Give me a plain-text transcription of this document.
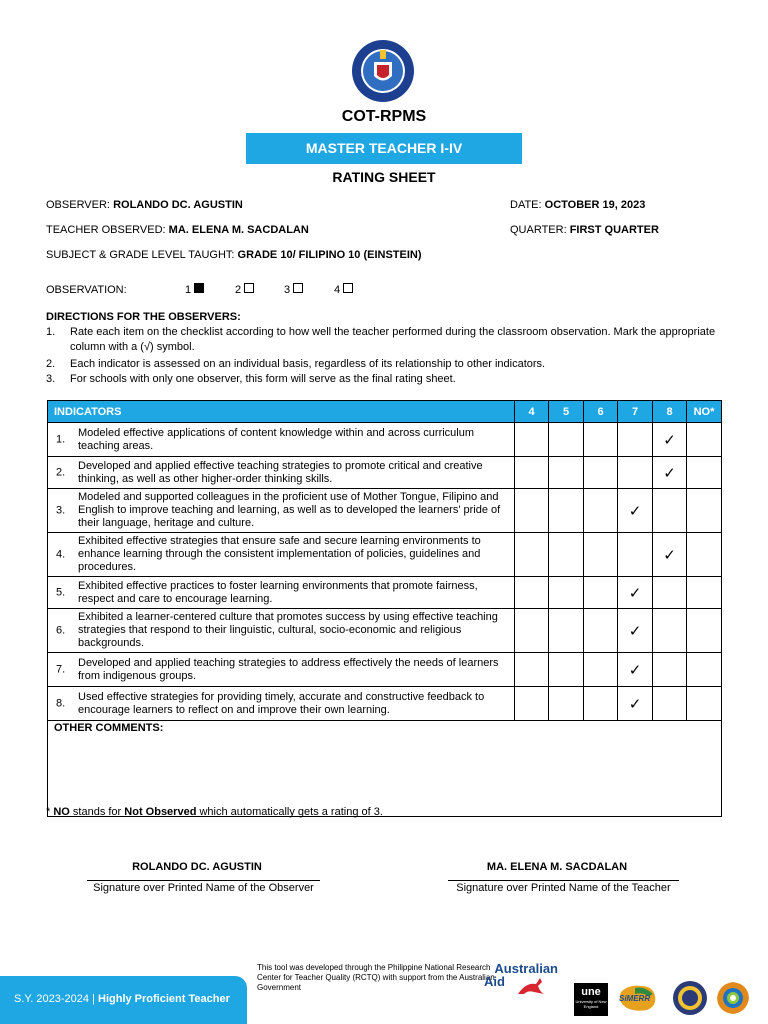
COT-RPMS
MASTER TEACHER I-IV
RATING SHEET
OBSERVER: ROLANDO DC. AGUSTIN	DATE: OCTOBER 19, 2023
TEACHER OBSERVED: MA. ELENA M. SACDALAN	QUARTER: FIRST QUARTER
SUBJECT & GRADE LEVEL TAUGHT: GRADE 10/ FILIPINO 10 (EINSTEIN)
OBSERVATION:	1	2	3	4
DIRECTIONS FOR THE OBSERVERS:
1.	Rate each item on the checklist according to how well the teacher performed during the classroom observation. Mark the appropriate column with a (√) symbol.
2.	Each indicator is assessed on an individual basis, regardless of its relationship to other indicators.
3.	For schools with only one observer, this form will serve as the final rating sheet.
INDICATORS	4	5	6	7	8	NO*

1.
Modeled effective applications of content knowledge within and across curriculum teaching areas.					✓	

2.
Developed and applied effective teaching strategies to promote critical and creative thinking, as well as other higher-order thinking skills.					✓	

3.
Modeled and supported colleagues in the proficient use of Mother Tongue, Filipino and English to improve teaching and learning, as well as to developed the learners' pride of their language, heritage and culture.				✓		

4.
Exhibited effective strategies that ensure safe and secure learning environments to enhance learning through the consistent implementation of policies, guidelines and procedures.					✓	

5.
Exhibited effective practices to foster learning environments that promote fairness, respect and care to encourage learning.				✓		

6.
Exhibited a learner-centered culture that promotes success by using effective teaching strategies that respond to their linguistic, cultural, socio-economic and religious backgrounds.				✓		

7.
Developed and applied teaching strategies to address effectively the needs of learners from indigenous groups.				✓		

8.
Used effective strategies for providing timely, accurate and constructive feedback to encourage learners to reflect on and improve their own learning.				✓		
OTHER COMMENTS:						
* NO stands for Not Observed which automatically gets a rating of 3.
ROLANDO DC. AGUSTIN
Signature over Printed Name of the Observer
MA. ELENA M. SACDALAN
Signature over Printed Name of the Teacher
S.Y. 2023-2024 | Highly Proficient Teacher
This tool was developed through the Philippine National Research Center for Teacher Quality (RCTQ) with support from the Australian Government
Australian
Aid
une
University of New England
SiMERR
